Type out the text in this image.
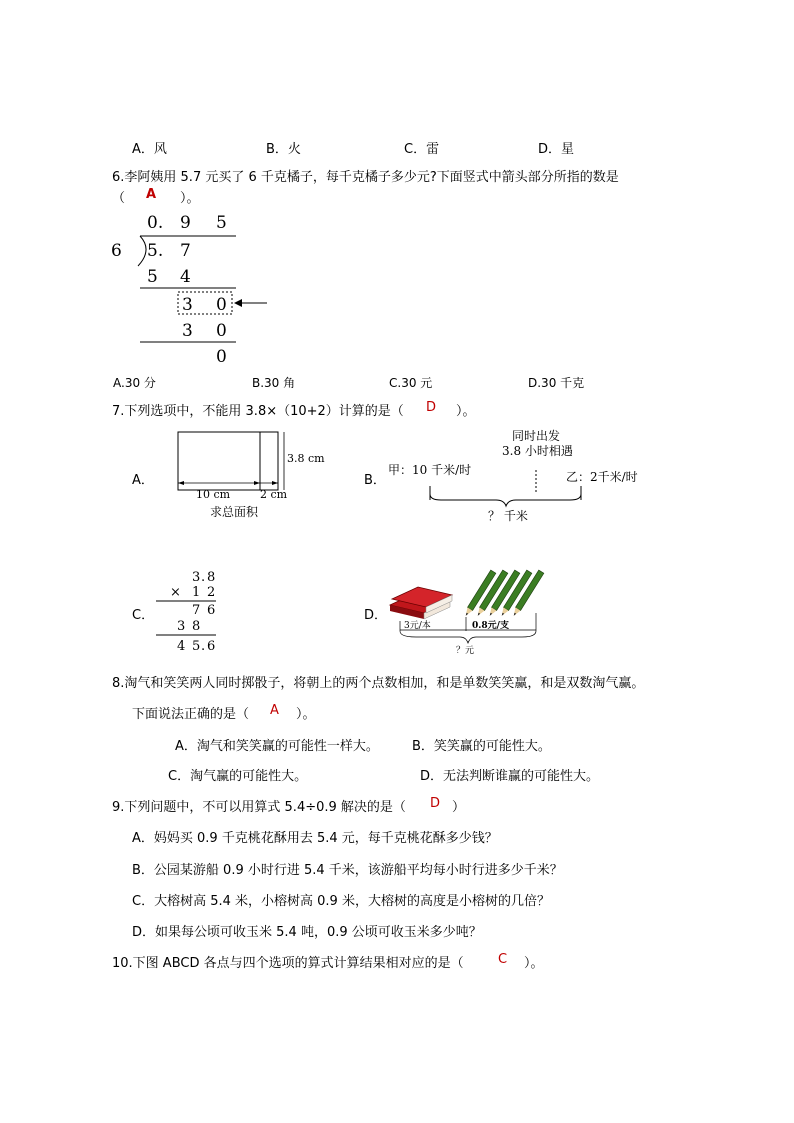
A．风	B．火	C．雷	D．星
6.李阿姨用 5.7 元买了 6 千克橘子，每千克橘子多少元?下面竖式中箭头部分所指的数是
（ A ）。
0. 9 5
6 5. 7
5 4
3 0
3 0
0
A.30 分	B.30 角	C.30 元	D.30 千克
7.下列选项中，不能用 3.8×（10+2）计算的是（ D ）。
A．
3.8 cm
10 cm	2 cm
求总面积
B．
同时出发
3.8 小时相遇
甲：10 千米/时	乙：2千米/时
？ 千米
C．
3 . 8
× 1 2
7 6
3 8
4 5 . 6
D．
3元/本	0.8元/支
？元
8.淘气和笑笑两人同时掷骰子，将朝上的两个点数相加，和是单数笑笑赢，和是双数淘气赢。
下面说法正确的是（ A ）。
A．淘气和笑笑赢的可能性一样大。	B．笑笑赢的可能性大。
C．淘气赢的可能性大。	D．无法判断谁赢的可能性大。
9.下列问题中，不可以用算式 5.4÷0.9 解决的是（ D ）
A．妈妈买 0.9 千克桃花酥用去 5.4 元，每千克桃花酥多少钱？
B．公园某游船 0.9 小时行进 5.4 千米，该游船平均每小时行进多少千米？
C．大榕树高 5.4 米，小榕树高 0.9 米，大榕树的高度是小榕树的几倍？
D．如果每公顷可收玉米 5.4 吨，0.9 公顷可收玉米多少吨？
10.下图 ABCD 各点与四个选项的算式计算结果相对应的是（	C ）。
